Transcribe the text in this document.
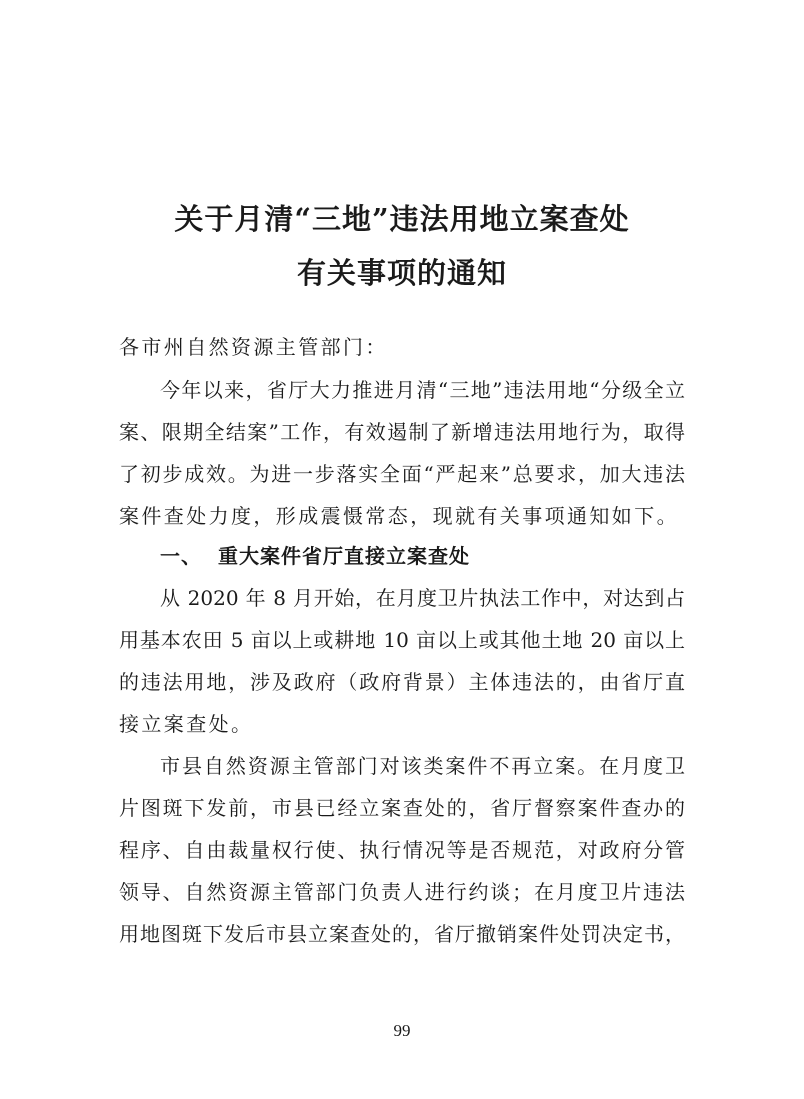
关于月清“三地”违法用地立案查处
有关事项的通知

各市州自然资源主管部门：

今年以来，省厅大力推进月清“三地”违法用地“分级全立

案、限期全结案”工作，有效遏制了新增违法用地行为，取得

了初步成效。为进一步落实全面“严起来”总要求，加大违法

案件查处力度，形成震慑常态，现就有关事项通知如下。

一、 重大案件省厅直接立案查处

从 2020 年 8 月开始，在月度卫片执法工作中，对达到占

用基本农田 5 亩以上或耕地 10 亩以上或其他土地 20 亩以上

的违法用地，涉及政府（政府背景）主体违法的，由省厅直

接立案查处。

市县自然资源主管部门对该类案件不再立案。在月度卫

片图斑下发前，市县已经立案查处的，省厅督察案件查办的

程序、自由裁量权行使、执行情况等是否规范，对政府分管

领导、自然资源主管部门负责人进行约谈；在月度卫片违法

用地图斑下发后市县立案查处的，省厅撤销案件处罚决定书，

99
